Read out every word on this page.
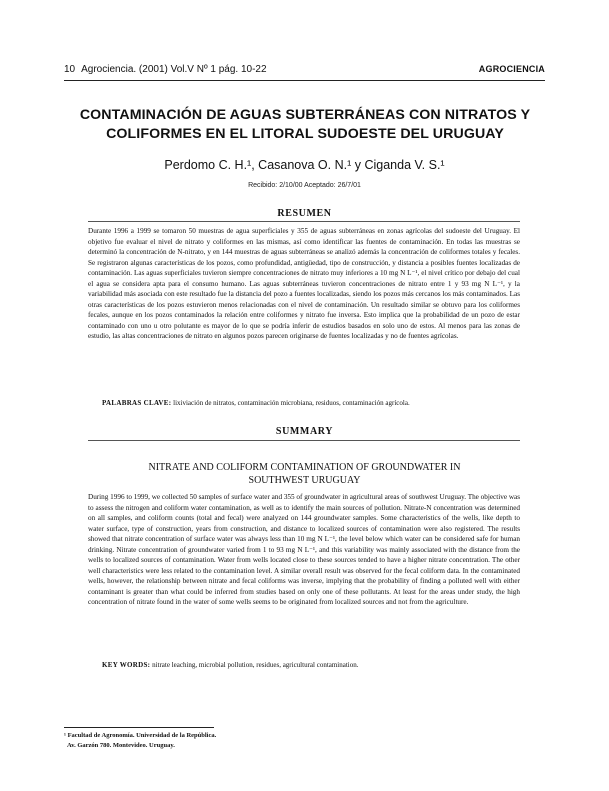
10 Agrociencia. (2001) Vol.V Nº 1 pág. 10-22	AGROCIENCIA
CONTAMINACIÓN DE AGUAS SUBTERRÁNEAS CON NITRATOS Y
COLIFORMES EN EL LITORAL SUDOESTE DEL URUGUAY
Perdomo C. H.¹, Casanova O. N.¹ y Ciganda V. S.¹
Recibido: 2/10/00 Aceptado: 26/7/01
RESUMEN

Durante 1996 a 1999 se tomaron 50 muestras de agua superficiales y 355 de aguas subterráneas en zonas agrícolas del sudoeste del Uruguay. El objetivo fue evaluar el nivel de nitrato y coliformes en las mismas, así como identificar las fuentes de contaminación. En todas las muestras se determinó la concentración de N-nitrato, y en 144 muestras de aguas subterráneas se analizó además la concentración de coliformes totales y fecales. Se registraron algunas características de los pozos, como profundidad, antigüedad, tipo de construcción, y distancia a posibles fuentes localizadas de contaminación. Las aguas superficiales tuvieron siempre concentraciones de nitrato muy inferiores a 10 mg N L⁻¹, el nivel crítico por debajo del cual el agua se considera apta para el consumo humano. Las aguas subterráneas tuvieron concentraciones de nitrato entre 1 y 93 mg N L⁻¹, y la variabilidad más asociada con este resultado fue la distancia del pozo a fuentes localizadas, siendo los pozos más cercanos los más contaminados. Las otras características de los pozos estuvieron menos relacionadas con el nivel de contaminación. Un resultado similar se obtuvo para los coliformes fecales, aunque en los pozos contaminados la relación entre coliformes y nitrato fue inversa. Esto implica que la probabilidad de un pozo de estar contaminado con uno u otro polutante es mayor de lo que se podría inferir de estudios basados en solo uno de estos. Al menos para las zonas de estudio, las altas concentraciones de nitrato en algunos pozos parecen originarse de fuentes localizadas y no de fuentes agrícolas.

PALABRAS CLAVE: lixiviación de nitratos, contaminación microbiana, residuos, contaminación agrícola.
SUMMARY
NITRATE AND COLIFORM CONTAMINATION OF GROUNDWATER IN
SOUTHWEST URUGUAY

During 1996 to 1999, we collected 50 samples of surface water and 355 of groundwater in agricultural areas of southwest Uruguay. The objective was to assess the nitrogen and coliform water contamination, as well as to identify the main sources of pollution. Nitrate-N concentration was determined on all samples, and coliform counts (total and fecal) were analyzed on 144 groundwater samples. Some characteristics of the wells, like depth to water surface, type of construction, years from construction, and distance to localized sources of contamination were also registered. The results showed that nitrate concentration of surface water was always less than 10 mg N L⁻¹, the level below which water can be considered safe for human drinking. Nitrate concentration of groundwater varied from 1 to 93 mg N L⁻¹, and this variability was mainly associated with the distance from the wells to localized sources of contamination. Water from wells located close to these sources tended to have a higher nitrate concentration. The other well characteristics were less related to the contamination level. A similar overall result was observed for the fecal coliform data. In the contaminated wells, however, the relationship between nitrate and fecal coliforms was inverse, implying that the probability of finding a polluted well with either contaminant is greater than what could be inferred from studies based on only one of these pollutants. At least for the areas under study, the high concentration of nitrate found in the water of some wells seems to be originated from localized sources and not from the agriculture.

KEY WORDS: nitrate leaching, microbial pollution, residues, agricultural contamination.
¹ Facultad de Agronomía. Universidad de la República.
Av. Garzón 780. Montevideo. Uruguay.
